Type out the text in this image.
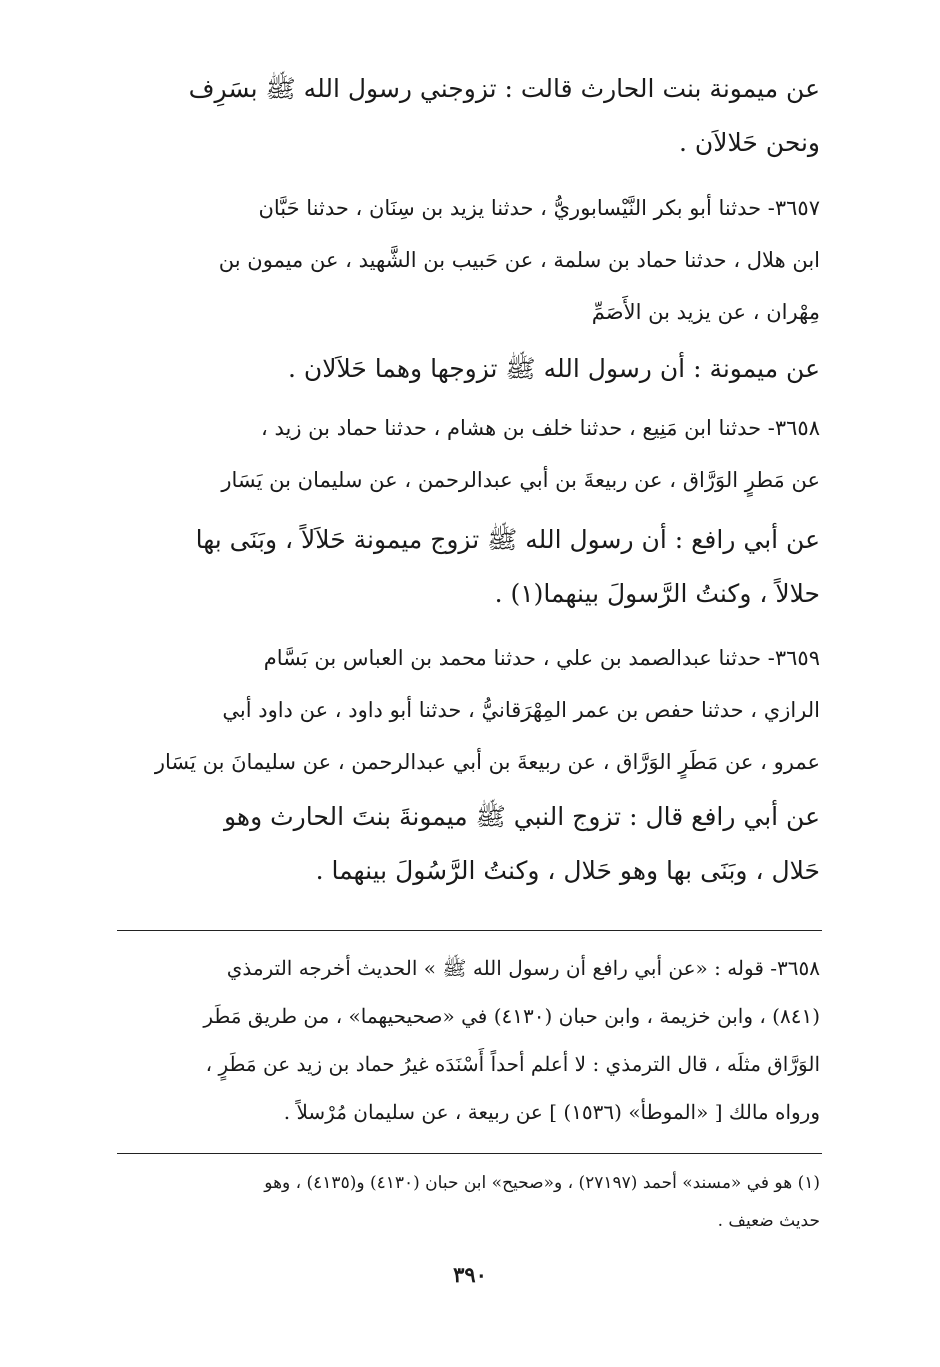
عن ميمونة بنت الحارث قالت : تزوجني رسول الله ﷺ بسَرِف
ونحن حَلالاَن .
٣٦٥٧- حدثنا أبو بكر النَّيْسابوريُّ ، حدثنا يزيد بن سِنَان ، حدثنا حَبَّان
ابن هلال ، حدثنا حماد بن سلمة ، عن حَبيب بن الشَّهيد ، عن ميمون بن
مِهْران ، عن يزيد بن الأَصَمِّ
عن ميمونة : أن رسول الله ﷺ تزوجها وهما حَلاَلان .
٣٦٥٨- حدثنا ابن مَنِيع ، حدثنا خلف بن هشام ، حدثنا حماد بن زيد ،
عن مَطرٍ الوَرَّاق ، عن ربيعةَ بن أبي عبدالرحمن ، عن سليمان بن يَسَار
عن أبي رافع : أن رسول الله ﷺ تزوج ميمونة حَلاَلاً ، وبَنَى بها
حلالاً ، وكنتُ الرَّسولَ بينهما(١) .
٣٦٥٩- حدثنا عبدالصمد بن علي ، حدثنا محمد بن العباس بن بَسَّام
الرازي ، حدثنا حفص بن عمر المِهْرَقانيُّ ، حدثنا أبو داود ، عن داود أبي
عمرو ، عن مَطَرٍ الوَرَّاق ، عن ربيعةَ بن أبي عبدالرحمن ، عن سليمانَ بن يَسَار
عن أبي رافع قال : تزوج النبي ﷺ ميمونةَ بنتَ الحارث وهو
حَلال ، وبَنَى بها وهو حَلال ، وكنتُ الرَّسُولَ بينهما .
٣٦٥٨- قوله : «عن أبي رافع أن رسول الله ﷺ » الحديث أخرجه الترمذي
(٨٤١) ، وابن خزيمة ، وابن حبان (٤١٣٠) في «صحيحيهما» ، من طريق مَطَر
الوَرَّاق مثلَه ، قال الترمذي : لا أعلم أحداً أَسْنَدَه غيرُ حماد بن زيد عن مَطَرٍ ،
ورواه مالك [ «الموطأ» (١٥٣٦) ] عن ربيعة ، عن سليمان مُرْسلاً .
(١) هو في «مسند» أحمد (٢٧١٩٧) ، و«صحيح» ابن حبان (٤١٣٠) و(٤١٣٥) ، وهو
حديث ضعيف .
٣٩٠
